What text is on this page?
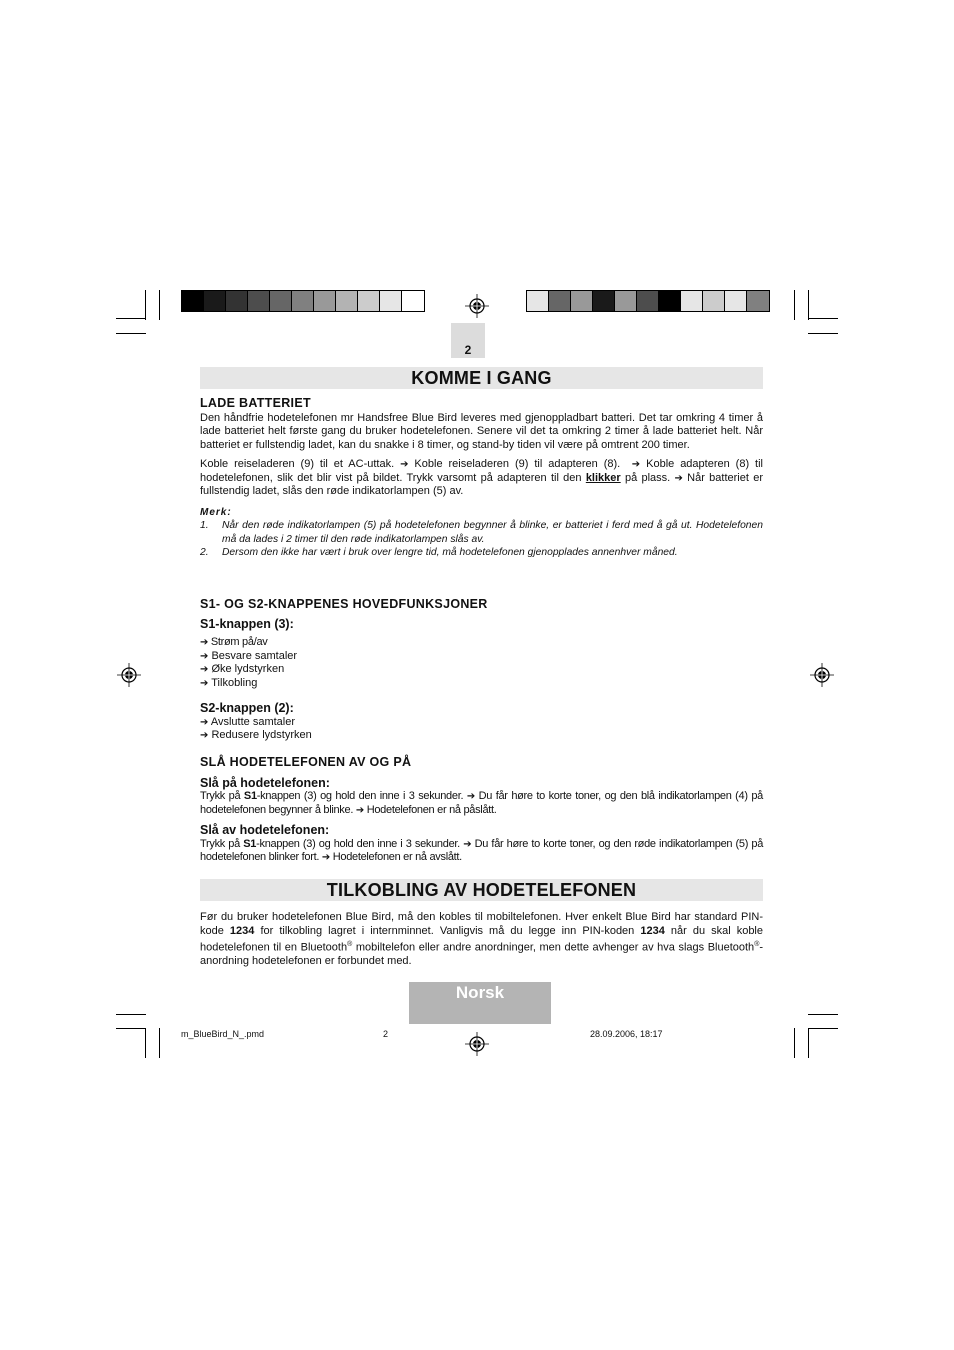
2
KOMME I GANG
LADE BATTERIET

Den håndfrie hodetelefonen mr Handsfree Blue Bird leveres med gjenoppladbart batteri. Det tar omkring 4 timer å lade batteriet helt første gang du bruker hodetelefonen. Senere vil det ta omkring 2 timer å lade batteriet helt. Når batteriet er fullstendig ladet, kan du snakke i 8 timer, og stand-by tiden vil være på omtrent 200 timer.

Koble reiseladeren (9) til et AC-uttak. ➔ Koble reiseladeren (9) til adapteren (8).  ➔ Koble adapteren (8) til hodetelefonen, slik det blir vist på bildet. Trykk varsomt på adapteren til den klikker på plass. ➔ Når batteriet er fullstendig ladet, slås den røde indikatorlampen (5) av.

Merk:
1.	Når den røde indikatorlampen (5) på hodetelefonen begynner å blinke, er batteriet i ferd med å gå ut. Hodetelefonen må da lades i 2 timer til den røde indikatorlampen slås av.
2.	Dersom den ikke har vært i bruk over lengre tid, må hodetelefonen gjenopplades annenhver måned.
S1- OG S2-KNAPPENES HOVEDFUNKSJONER
S1-knappen (3):
➔ Strøm på/av
➔ Besvare samtaler
➔ Øke lydstyrken
➔ Tilkobling
S2-knappen (2):
➔ Avslutte samtaler
➔ Redusere lydstyrken
SLÅ HODETELEFONEN AV OG PÅ
Slå på hodetelefonen:

Trykk på S1-knappen (3) og hold den inne i 3 sekunder. ➔ Du får høre to korte toner, og den blå indikatorlampen (4) på hodetelefonen begynner å blinke. ➔ Hodetelefonen er nå påslått.

Slå av hodetelefonen:

Trykk på S1-knappen (3) og hold den inne i 3 sekunder. ➔ Du får høre to korte toner, og den røde indikatorlampen (5) på hodetelefonen blinker fort. ➔ Hodetelefonen er nå avslått.

TILKOBLING AV HODETELEFONEN

Før du bruker hodetelefonen Blue Bird, må den kobles til mobiltelefonen. Hver enkelt Blue Bird har standard PIN-kode 1234 for tilkobling lagret i internminnet. Vanligvis må du legge inn PIN-koden 1234 når du skal koble hodetelefonen til en Bluetooth® mobiltelefon eller andre anordninger, men dette avhenger av hva slags Bluetooth®-anordning hodetelefonen er forbundet med.

Norsk
m_BlueBird_N_.pmd	2	28.09.2006, 18:17
